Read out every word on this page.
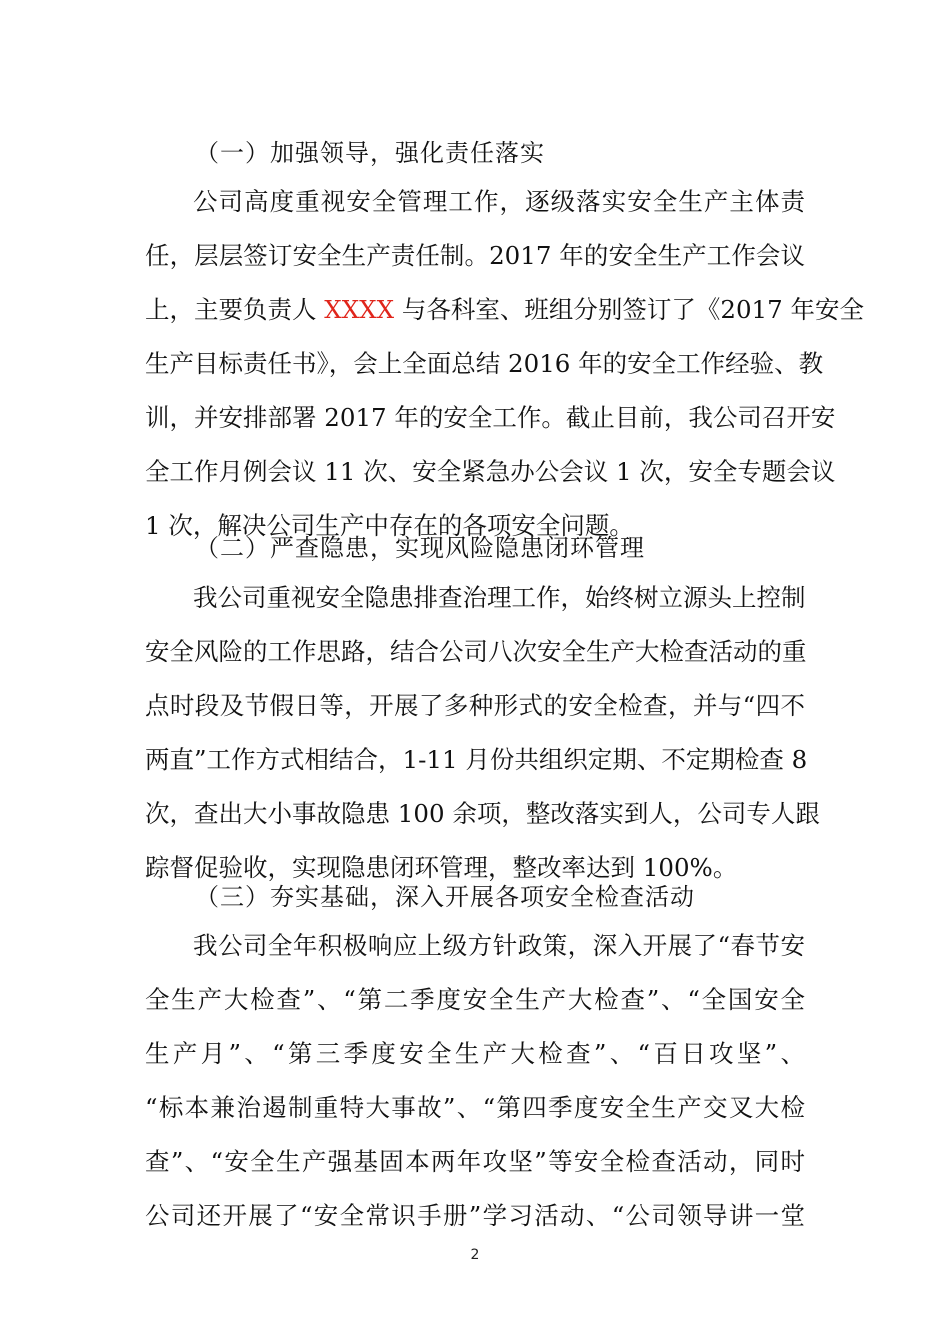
（一）加强领导，强化责任落实
公司高度重视安全管理工作，逐级落实安全生产主体责
任，层层签订安全生产责任制。2017 年的安全生产工作会议
上，主要负责人 XXXX 与各科室、班组分别签订了《2017 年安全
生产目标责任书》，会上全面总结 2016 年的安全工作经验、教
训，并安排部署 2017 年的安全工作。截止目前，我公司召开安
全工作月例会议 11 次、安全紧急办公会议 1 次，安全专题会议
1 次，解决公司生产中存在的各项安全问题。
（二）严查隐患，实现风险隐患闭环管理
我公司重视安全隐患排查治理工作，始终树立源头上控制
安全风险的工作思路，结合公司八次安全生产大检查活动的重
点时段及节假日等，开展了多种形式的安全检查，并与“四不
两直”工作方式相结合，1-11 月份共组织定期、不定期检查 8
次，查出大小事故隐患 100 余项，整改落实到人，公司专人跟
踪督促验收，实现隐患闭环管理，整改率达到 100%。
（三）夯实基础，深入开展各项安全检查活动
我公司全年积极响应上级方针政策，深入开展了“春节安
全生产大检查”、“第二季度安全生产大检查”、“全国安全
生产月”、“第三季度安全生产大检查”、“百日攻坚”、
“标本兼治遏制重特大事故”、“第四季度安全生产交叉大检
查”、“安全生产强基固本两年攻坚”等安全检查活动，同时
公司还开展了“安全常识手册”学习活动、“公司领导讲一堂
2
